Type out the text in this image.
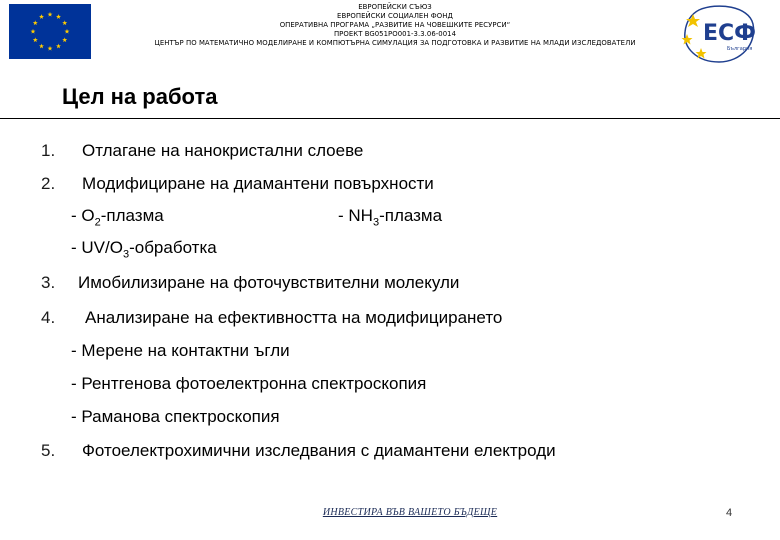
ЕВРОПЕЙСКИ СЪЮЗ
ЕВРОПЕЙСКИ СОЦИАЛЕН ФОНД
ОПЕРАТИВНА ПРОГРАМА „РАЗВИТИЕ НА ЧОВЕШКИТЕ РЕСУРСИ“
ПРОЕКТ BG051PO001-3.3.06-0014
ЦЕНТЪР ПО МАТЕМАТИЧНО МОДЕЛИРАНЕ И КОМПЮТЪРНА СИМУЛАЦИЯ ЗА ПОДГОТОВКА И РАЗВИТИЕ НА МЛАДИ ИЗСЛЕДОВАТЕЛИ	ЕСФ
България
Цел на работа
1. Отлагане на нанокристални слоеве
2. Модифициране на диамантени повърхности
- $O_2$-плазма	- $NH_3$-плазма
- $UV/O_3$-обработка
3. Имобилизиране на фоточувствителни молекули
4. Анализиране на ефективността на модифицирането
- Мерене на контактни ъгли
- Рентгенова фотоелектронна спектроскопия
- Раманова спектроскопия
5. Фотоелектрохимични изследвания с диамантени електроди
ИНВЕСТИРА ВЪВ ВАШЕТО БЪДЕЩЕ	4
